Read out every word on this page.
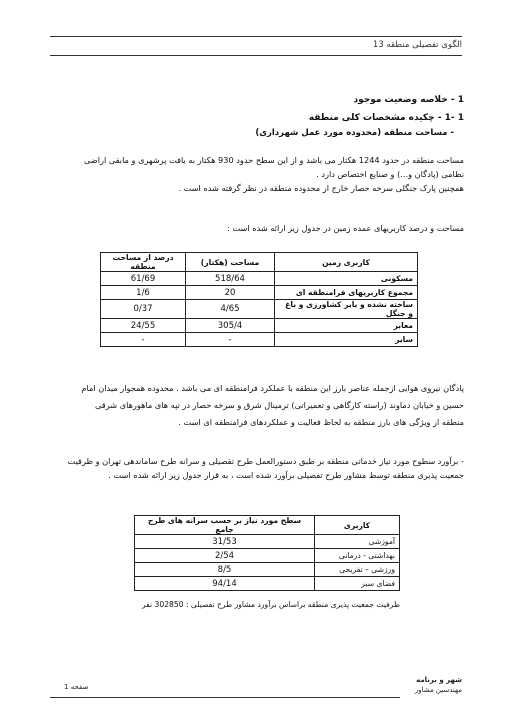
الگوی تفصیلی منطقه 13
1 - خلاصه وضعیت موجود
1 -1 - چکیده مشخصات کلی منطقه
- مساحت منطقه (محدوده مورد عمل شهرداری)
مساحت منطقه در حدود 1244 هکتار می باشد و از این سطح حدود 930 هکتار به بافت پرشهری و مابقی اراضی
نظامی (پادگان و...) و صنایع اختصاص دارد .
همچنین پارک جنگلی سرخه حصار خارج از محدوده منطقه در نظر گرفته شده است .
مساحت و درصد کاربریهای عمده زمین در جدول زیر ارائه شده است :
کاربری زمین	مساحت (هکتار)	درصد از مساحت منطقه
مسکونی	518/64	61/69
مجموع کاربریهای فرامنطقه ای	20	1/6
ساخته نشده و بایر کشاورزی و باغ و جنگل	4/65	0/37
معابر	305/4	24/55
سایر	-	-
پادگان نیروی هوایی ازجمله عناصر بارز این منطقه با عملکرد فرامنطقه ای می باشد . محدوده همجوار میدان امام
حسین و خیابان دماوند (راسته کارگاهی و تعمیراتی) ترمینال شرق و سرخه حصار در تپه های ماهورهای شرقی
منطقه از ویژگی های بارز منطقه به لحاظ فعالیت و عملکردهای فرامنطقه ای است .
- برآورد سطوح مورد نیاز خدماتی منطقه بر طبق دستورالعمل طرح تفصیلی و سرانه طرح ساماندهی تهران و ظرفیت
جمعیت پذیری منطقه توسط مشاور طرح تفصیلی برآورد شده است ، به قرار جدول زیر ارائه شده است .
کاربری	سطح مورد نیاز بر حسب سرانه های طرح جامع
آموزشی	31/53
بهداشتی - درمانی	2/54
ورزشی – تفریحی	8/5
فضای سبز	94/14
ظرفیت جمعیت پذیری منطقه براساس برآورد مشاور طرح تفصیلی : 302850 نفر
شهر و برنامه
مهندسین مشاور
صفحه 1
